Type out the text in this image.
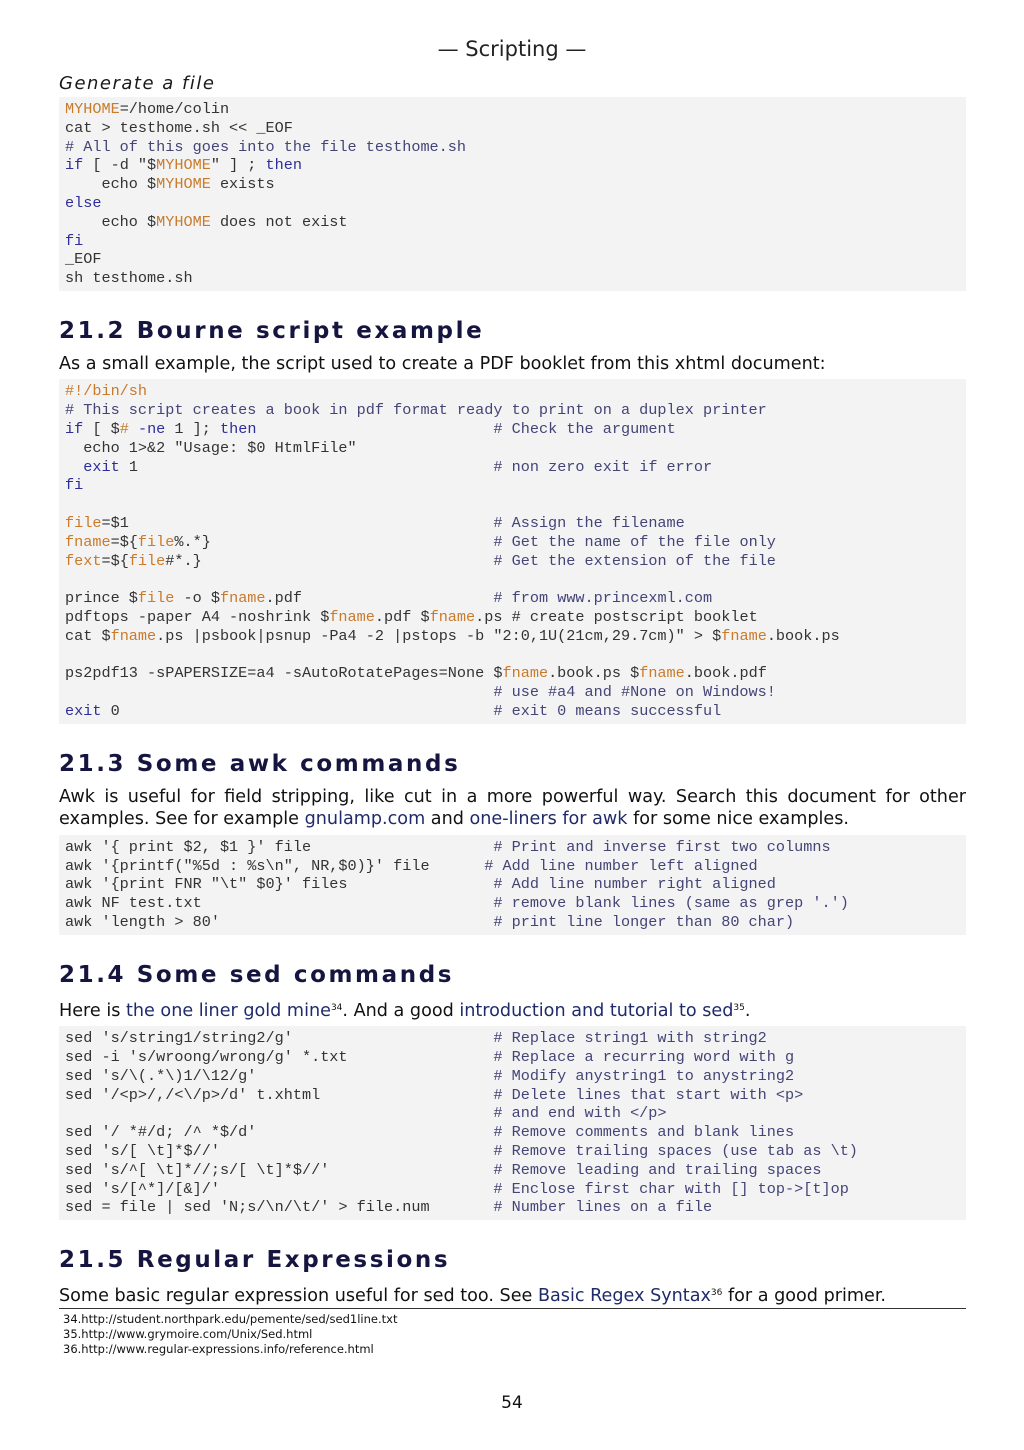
— Scripting —
Generate a file
MYHOME=/home/colin
cat > testhome.sh << _EOF
# All of this goes into the file testhome.sh
if [ -d "$MYHOME" ] ; then
echo $MYHOME exists
else
echo $MYHOME does not exist
fi
_EOF
sh testhome.sh
21.2 Bourne script example

As a small example, the script used to create a PDF booklet from this xhtml document:

#!/bin/sh
# This script creates a book in pdf format ready to print on a duplex printer
if [ $# -ne 1 ]; then	# Check the argument
echo 1>&2 "Usage: $0 HtmlFile"
exit 1                                       # non zero exit if error
fi

file=$1                                        # Assign the filename
fname=${file%.*}                               # Get the name of the file only
fext=${file#*.}                                # Get the extension of the file

prince $file -o $fname.pdf                     # from www.princexml.com
pdftops -paper A4 -noshrink $fname.pdf $fname.ps # create postscript booklet
cat $fname.ps |psbook|psnup -Pa4 -2 |pstops -b "2:0,1U(21cm,29.7cm)" > $fname.book.ps

ps2pdf13 -sPAPERSIZE=a4 -sAutoRotatePages=None $fname.book.ps $fname.book.pdf
# use #a4 and #None on Windows!
exit 0                                         # exit 0 means successful
21.3 Some awk commands

Awk is useful for field stripping, like cut in a more powerful way. Search this document for other examples. See for example gnulamp.com and one-liners for awk for some nice examples.

awk '{ print $2, $1 }' file                    # Print and inverse first two columns
awk '{printf("%5d : %s\n", NR,$0)}' file	# Add line number left aligned
awk '{print FNR "\t" $0}' files	# Add line number right aligned
awk NF test.txt	# remove blank lines (same as grep '.')
awk 'length > 80'	# print line longer than 80 char)
21.4 Some sed commands

Here is the one liner gold mine$^{34}$. And a good introduction and tutorial to sed$^{35}$.

sed 's/string1/string2/g'                      # Replace string1 with string2
sed -i 's/wroong/wrong/g' *.txt	# Replace a recurring word with g
sed 's/\(.*\)1/\12/g'	# Modify anystring1 to anystring2
sed '/<p>/,/<\/p>/d' t.xhtml	# Delete lines that start with <p>
# and end with </p>
sed '/ *#/d; /^ *$/d'	# Remove comments and blank lines
sed 's/[ \t]*$//'	# Remove trailing spaces (use tab as \t)
sed 's/^[ \t]*//;s/[ \t]*$//'	# Remove leading and trailing spaces
sed 's/[^*]/[&]/'	# Enclose first char with [] top->[t]op
sed = file | sed 'N;s/\n/\t/' > file.num	# Number lines on a file
21.5 Regular Expressions

Some basic regular expression useful for sed too. See Basic Regex Syntax$^{36}$ for a good primer.

34.http://student.northpark.edu/pemente/sed/sed1line.txt
35.http://www.grymoire.com/Unix/Sed.html
36.http://www.regular-expressions.info/reference.html
54
